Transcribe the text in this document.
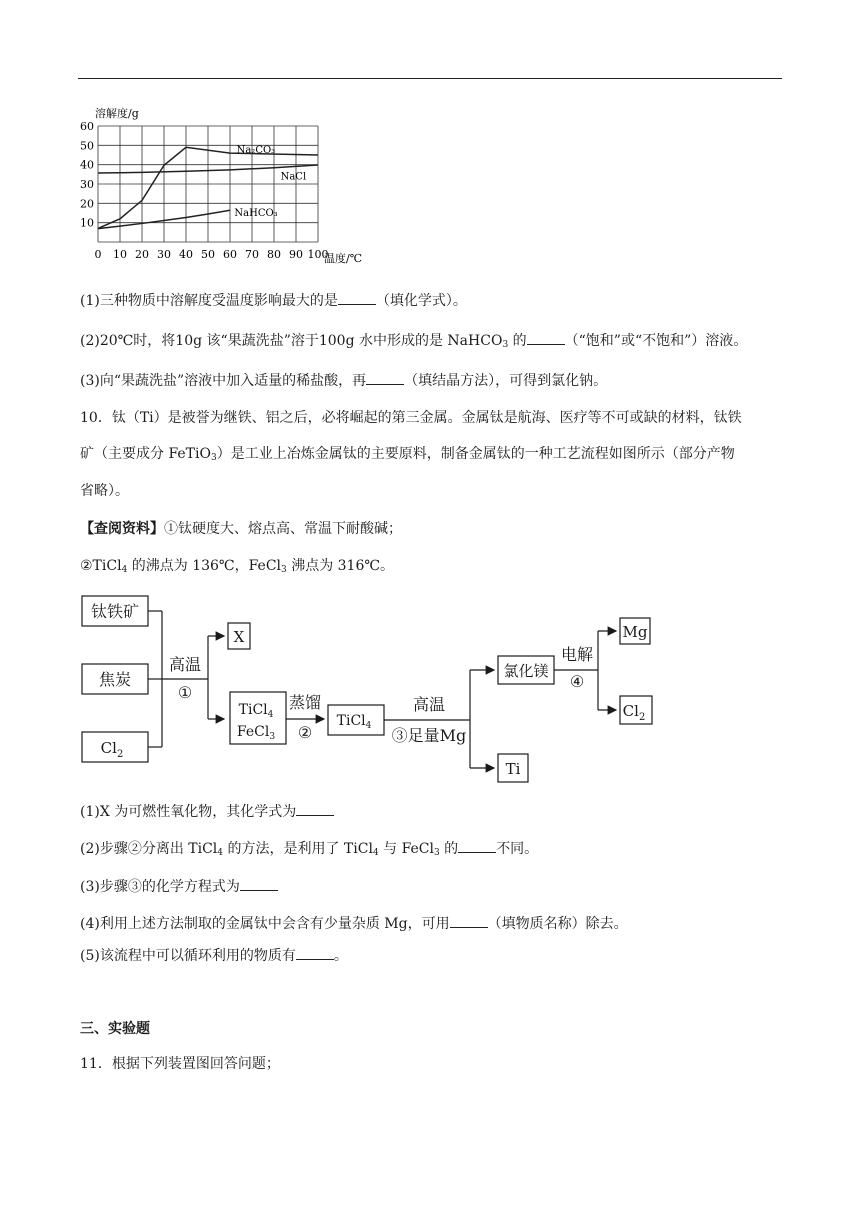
溶解度/g
温度/℃
0 10 20 30 40 50 60 70 80 90 100
10
20
30
40
50
60
Na₂CO₃
NaCl
NaHCO₃
(1)三种物质中溶解度受温度影响最大的是	（填化学式）。
(2)20℃时，将10g 该“果蔬洗盐”溶于100g 水中形成的是 NaHCO$_3$ 的	（“饱和”或“不饱和”）溶液。
(3)向“果蔬洗盐”溶液中加入适量的稀盐酸，再	（填结晶方法），可得到氯化钠。
10．钛（Ti）是被誉为继铁、铝之后，必将崛起的第三金属。金属钛是航海、医疗等不可或缺的材料，钛铁
矿（主要成分 FeTiO$_3$）是工业上冶炼金属钛的主要原料，制备金属钛的一种工艺流程如图所示（部分产物
省略）。
【查阅资料】①钛硬度大、熔点高、常温下耐酸碱；
②TiCl$_4$ 的沸点为 136℃，FeCl$_3$ 沸点为 316℃。
钛铁矿
焦炭
$Cl_2$
高温
①
X
TiCl$_4$
FeCl$_3$
蒸馏
②
TiCl$_4$
高温
③足量Mg
氯化镁
Ti
电解
④
Mg
$Cl_2$
(1)X 为可燃性氧化物，其化学式为
(2)步骤②分离出 TiCl$_4$ 的方法，是利用了 TiCl$_4$ 与 FeCl$_3$ 的	不同。
(3)步骤③的化学方程式为
(4)利用上述方法制取的金属钛中会含有少量杂质 Mg，可用	（填物质名称）除去。
(5)该流程中可以循环利用的物质有	。
三、实验题
11．根据下列装置图回答问题；
